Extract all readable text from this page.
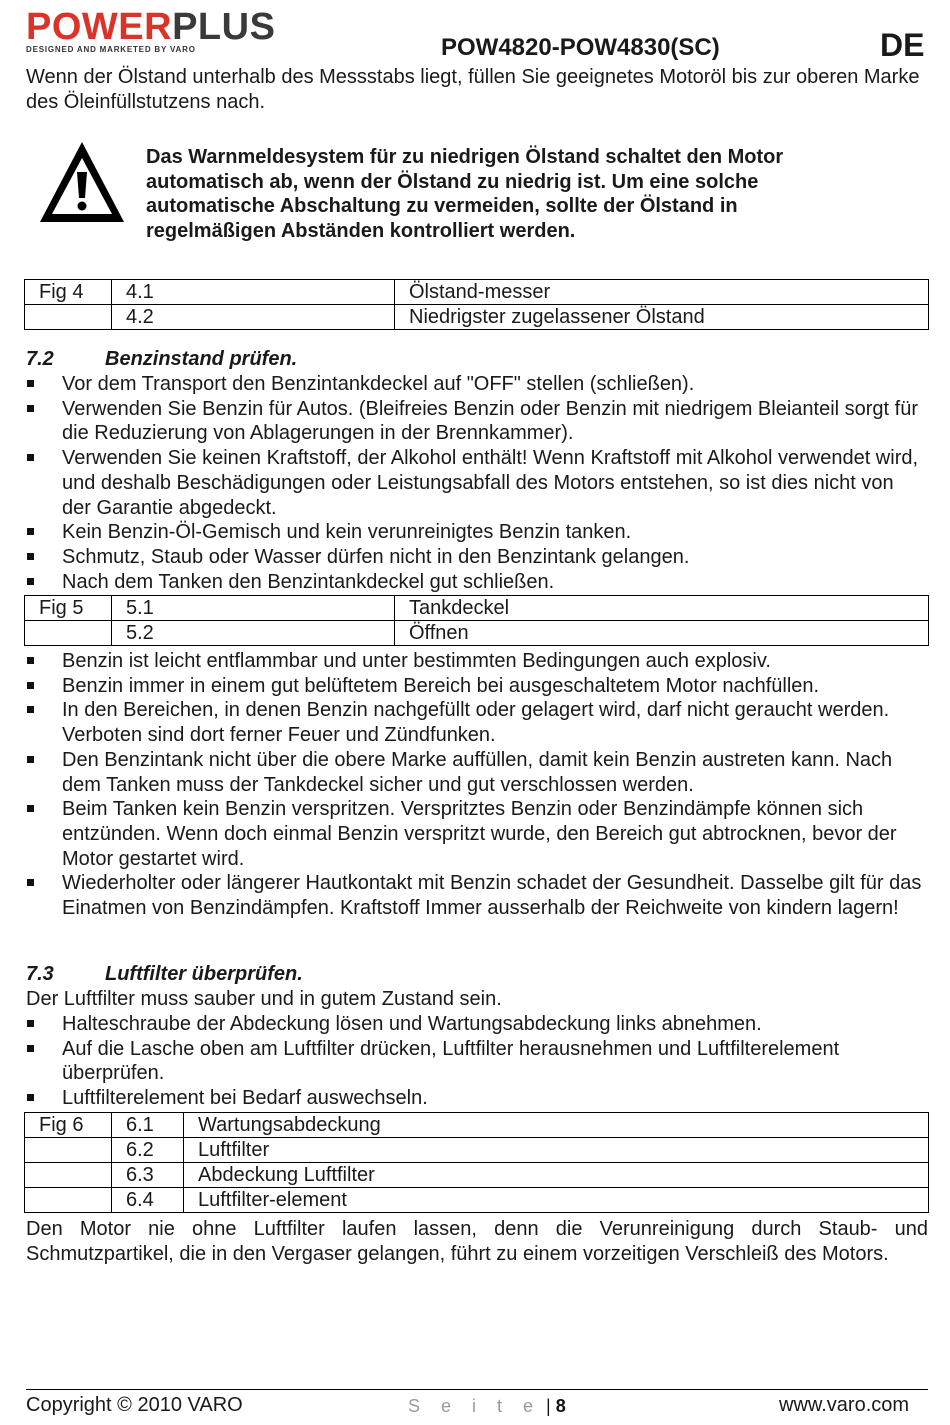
POWERPLUS
DESIGNED AND MARKETED BY VARO	POW4820-POW4830(SC)	DE

Wenn der Ölstand unterhalb des Messstabs liegt, füllen Sie geeignetes Motoröl bis zur oberen Marke des Öleinfüllstutzens nach.

Das Warnmeldesystem für zu niedrigen Ölstand schaltet den Motor
automatisch ab, wenn der Ölstand zu niedrig ist. Um eine solche
automatische Abschaltung zu vermeiden, sollte der Ölstand in
regelmäßigen Abständen kontrolliert werden.
Fig 4	4.1	Ölstand-messer
	4.2	Niedrigster zugelassener Ölstand
7.2	Benzinstand prüfen.
Vor dem Transport den Benzintankdeckel auf "OFF" stellen (schließen).
Verwenden Sie Benzin für Autos. (Bleifreies Benzin oder Benzin mit niedrigem Bleianteil sorgt für die Reduzierung von Ablagerungen in der Brennkammer).
Verwenden Sie keinen Kraftstoff, der Alkohol enthält! Wenn Kraftstoff mit Alkohol verwendet wird, und deshalb Beschädigungen oder Leistungsabfall des Motors entstehen, so ist dies nicht von der Garantie abgedeckt.
Kein Benzin-Öl-Gemisch und kein verunreinigtes Benzin tanken.
Schmutz, Staub oder Wasser dürfen nicht in den Benzintank gelangen.
Nach dem Tanken den Benzintankdeckel gut schließen.
Fig 5	5.1	Tankdeckel
	5.2	Öffnen
Benzin ist leicht entflammbar und unter bestimmten Bedingungen auch explosiv.
Benzin immer in einem gut belüftetem Bereich bei ausgeschaltetem Motor nachfüllen.
In den Bereichen, in denen Benzin nachgefüllt oder gelagert wird, darf nicht geraucht werden. Verboten sind dort ferner Feuer und Zündfunken.
Den Benzintank nicht über die obere Marke auffüllen, damit kein Benzin austreten kann. Nach dem Tanken muss der Tankdeckel sicher und gut verschlossen werden.
Beim Tanken kein Benzin verspritzen. Verspritztes Benzin oder Benzindämpfe können sich entzünden. Wenn doch einmal Benzin verspritzt wurde, den Bereich gut abtrocknen, bevor der Motor gestartet wird.
Wiederholter oder längerer Hautkontakt mit Benzin schadet der Gesundheit. Dasselbe gilt für das Einatmen von Benzindämpfen. Kraftstoff Immer ausserhalb der Reichweite von kindern lagern!
7.3	Luftfilter überprüfen.

Der Luftfilter muss sauber und in gutem Zustand sein.

Halteschraube der Abdeckung lösen und Wartungsabdeckung links abnehmen.
Auf die Lasche oben am Luftfilter drücken, Luftfilter herausnehmen und Luftfilterelement überprüfen.
Luftfilterelement bei Bedarf auswechseln.
Fig 6	6.1	Wartungsabdeckung
	6.2	Luftfilter
	6.3	Abdeckung Luftfilter
	6.4	Luftfilter-element

Den Motor nie ohne Luftfilter laufen lassen, denn die Verunreinigung durch Staub- und Schmutzpartikel, die in den Vergaser gelangen, führt zu einem vorzeitigen Verschleiß des Motors.

Copyright © 2010 VARO	S e i t e | 8	www.varo.com
